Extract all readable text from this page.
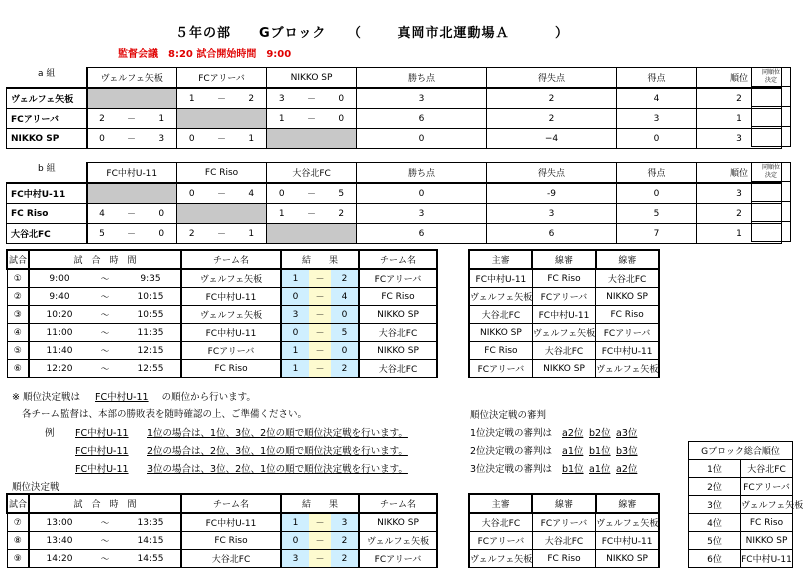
５年の部　　Gブロック　　（	真岡市北運動場Ａ	）
監督会議　8:20 試合開始時間　9:00
a 組
		ヴェルフェ矢板			FCアリーバ			NIKKO SP			勝ち点	得失点	得点	順位
ヴェルフェ矢板				1	－	2	3	－	0	3	2	4	2
FCアリーバ	2	－	1				1	－	0	6	2	3	1
NIKKO SP	0	－	3	0	－	1				0	−4	0	3
同順位
決定

b 組
		FC中村U-11			FC Riso			大谷北FC			勝ち点	得失点	得点	順位
FC中村U-11				0	－	4	0	－	5	0	-9	0	3
FC Riso	4	－	0				1	－	2	3	3	5	2
大谷北FC	5	－	0	2	－	1				6	6	7	1
同順位
決定

試合	試　合　時　間			チーム名	結　　果			チーム名
①	9:00	～	9:35	ヴェルフェ矢板	1	－	2	FCアリーバ
②	9:40	～	10:15	FC中村U-11	0	－	4	FC Riso
③	10:20	～	10:55	ヴェルフェ矢板	3	－	0	NIKKO SP
④	11:00	～	11:35	FC中村U-11	0	－	5	大谷北FC
⑤	11:40	～	12:15	FCアリーバ	1	－	0	NIKKO SP
⑥	12:20	～	12:55	FC Riso	1	－	2	大谷北FC
主審	線審	線審
FC中村U-11	FC Riso	大谷北FC
ヴェルフェ矢板	FCアリーバ	NIKKO SP
大谷北FC	FC中村U-11	FC Riso
NIKKO SP	ヴェルフェ矢板	FCアリーバ
FC Riso	大谷北FC	FC中村U-11
FCアリーバ	NIKKO SP	ヴェルフェ矢板
※ 順位決定戦は FC中村U-11 の順位から行います。
各チーム監督は、本部の勝敗表を随時確認の上、ご準備ください。
例 FC中村U-11 1位の場合は、1位、3位、2位の順で順位決定戦を行います。
FC中村U-11 2位の場合は、2位、3位、1位の順で順位決定戦を行います。
FC中村U-11 3位の場合は、3位、2位、1位の順で順位決定戦を行います。
順位決定戦の審判
1位決定戦の審判は a2位 b2位 a3位
2位決定戦の審判は a1位 b1位 b3位
3位決定戦の審判は b1位 a1位 a2位
Gブロック総合順位	
1位	大谷北FC
2位	FCアリーバ
3位	ヴェルフェ矢板
4位	FC Riso
5位	NIKKO SP
6位	FC中村U-11
順位決定戦
試合	試　合　時　間			チーム名	結　　果			チーム名
⑦	13:00	～	13:35	FC中村U-11	1	－	3	NIKKO SP
⑧	13:40	～	14:15	FC Riso	0	－	2	ヴェルフェ矢板
⑨	14:20	～	14:55	大谷北FC	3	－	2	FCアリーバ
主審	線審	線審
大谷北FC	FCアリーバ	ヴェルフェ矢板
FCアリーバ	大谷北FC	FC中村U-11
ヴェルフェ矢板	FC Riso	NIKKO SP
